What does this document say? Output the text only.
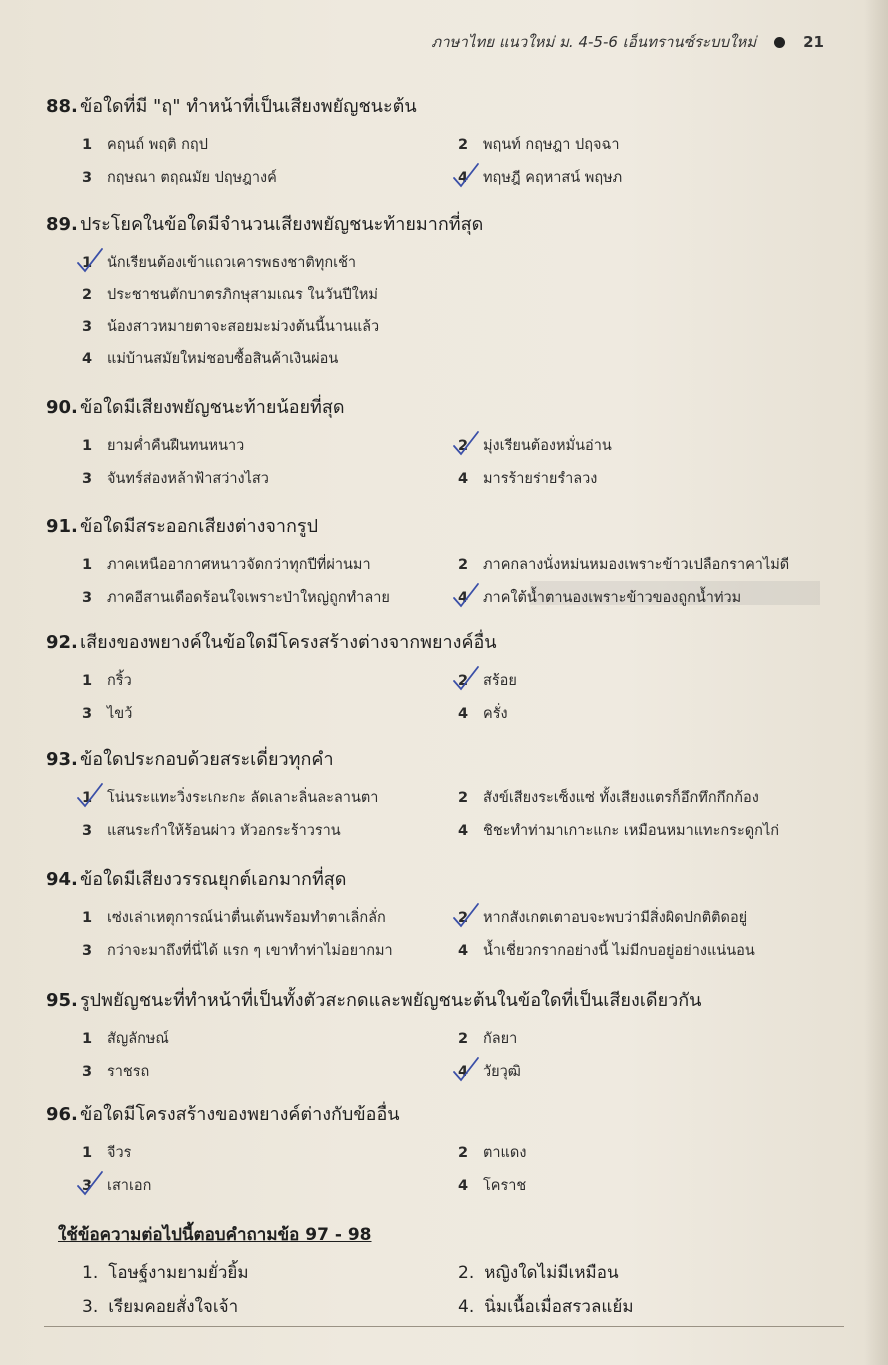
ภาษาไทย แนวใหม่ ม. 4-5-6 เอ็นทรานซ์ระบบใหม่	21
88. ข้อใดที่มี "ฤ" ทำหน้าที่เป็นเสียงพยัญชนะต้น
1	คฤนถ์ พฤติ กฤป	2	พฤนท์ กฤษฎา ปฤจฉา
3	กฤษณา ตฤณมัย ปฤษฎางค์	4	ทฤษฎี คฤหาสน์ พฤษภ
89. ประโยคในข้อใดมีจำนวนเสียงพยัญชนะท้ายมากที่สุด
1	นักเรียนต้องเข้าแถวเคารพธงชาติทุกเช้า
2	ประชาชนตักบาตรภิกษุสามเณร ในวันปีใหม่
3	น้องสาวหมายตาจะสอยมะม่วงต้นนี้นานแล้ว
4	แม่บ้านสมัยใหม่ชอบซื้อสินค้าเงินผ่อน
90. ข้อใดมีเสียงพยัญชนะท้ายน้อยที่สุด
1	ยามค่ำคืนฝืนทนหนาว	2	มุ่งเรียนต้องหมั่นอ่าน
3	จันทร์ส่องหล้าฟ้าสว่างไสว	4	มารร้ายร่ายรำลวง
91. ข้อใดมีสระออกเสียงต่างจากรูป
1	ภาคเหนืออากาศหนาวจัดกว่าทุกปีที่ผ่านมา	2	ภาคกลางนั่งหม่นหมองเพราะข้าวเปลือกราคาไม่ดี
3	ภาคอีสานเดือดร้อนใจเพราะป่าใหญ่ถูกทำลาย	4	ภาคใต้น้ำตานองเพราะข้าวของถูกน้ำท่วม
92. เสียงของพยางค์ในข้อใดมีโครงสร้างต่างจากพยางค์อื่น
1	กริ้ว	2	สร้อย
3	ไขว้	4	ครั่ง
93. ข้อใดประกอบด้วยสระเดี่ยวทุกคำ
1	โน่นระแทะวิ่งระเกะกะ ลัดเลาะลิ่นละลานตา	2	สังข์เสียงระเซ็งแซ่ ทั้งเสียงแตรก็อึกทึกกึกก้อง
3	แสนระกำให้ร้อนผ่าว หัวอกระร้าวราน	4	ชิชะทำท่ามาเกาะแกะ เหมือนหมาแทะกระดูกไก่
94. ข้อใดมีเสียงวรรณยุกต์เอกมากที่สุด
1	เซ่งเล่าเหตุการณ์น่าตื่นเต้นพร้อมทำตาเลิ่กลั่ก	2	หากสังเกตเตาอบจะพบว่ามีสิ่งผิดปกติติดอยู่
3	กว่าจะมาถึงที่นี่ได้ แรก ๆ เขาทำท่าไม่อยากมา	4	น้ำเชี่ยวกรากอย่างนี้ ไม่มีกบอยู่อย่างแน่นอน
95. รูปพยัญชนะที่ทำหน้าที่เป็นทั้งตัวสะกดและพยัญชนะต้นในข้อใดที่เป็นเสียงเดียวกัน
1	สัญลักษณ์	2	กัลยา
3	ราชรถ	4	วัยวุฒิ
96. ข้อใดมีโครงสร้างของพยางค์ต่างกับข้ออื่น
1	จีวร	2	ตาแดง
3	เสาเอก	4	โคราช
ใช้ข้อความต่อไปนี้ตอบคำถามข้อ 97 - 98
1. โอษฐ์งามยามยั่วยิ้ม	2. หญิงใดไม่มีเหมือน
3. เรียมคอยสั่งใจเจ้า	4. นิ่มเนื้อเมื่อสรวลแย้ม
